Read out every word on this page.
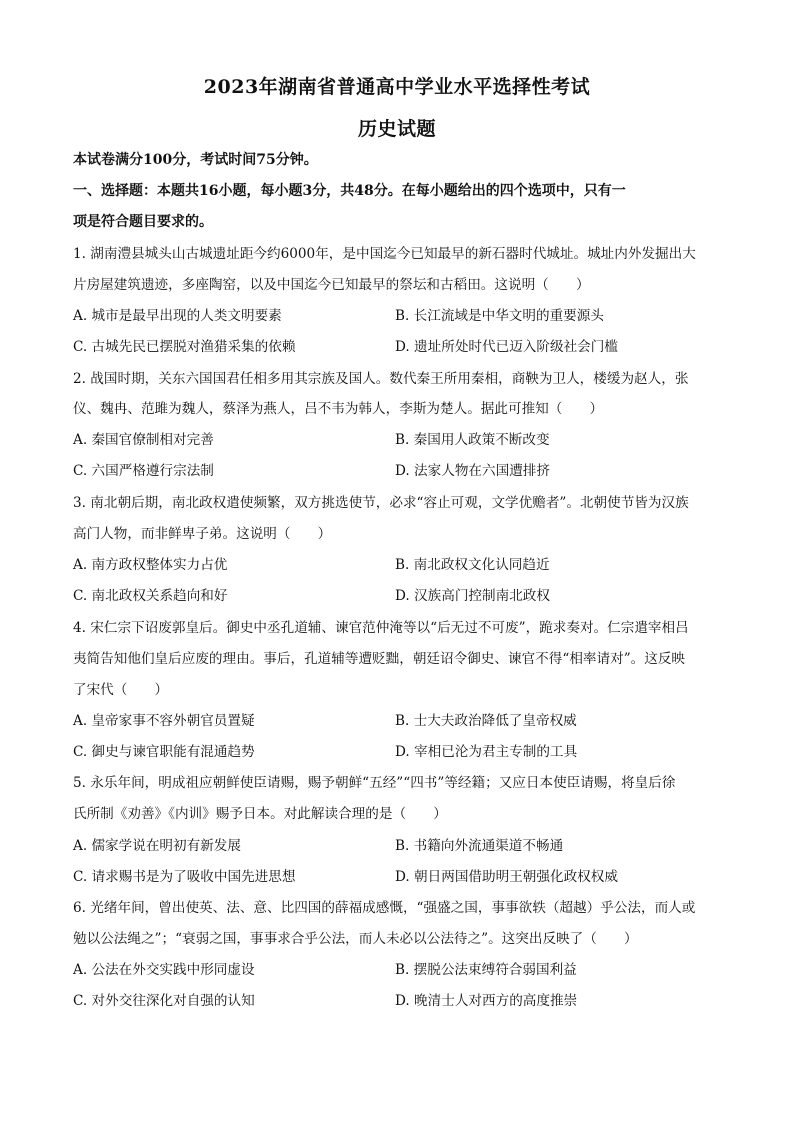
2023年湖南省普通高中学业水平选择性考试
历史试题
本试卷满分100分，考试时间75分钟。
一、选择题：本题共16小题，每小题3分，共48分。在每小题给出的四个选项中，只有一
项是符合题目要求的。
1. 湖南澧县城头山古城遗址距今约6000年，是中国迄今已知最早的新石器时代城址。城址内外发掘出大
片房屋建筑遗迹，多座陶窑，以及中国迄今已知最早的祭坛和古稻田。这说明（　　）
A. 城市是最早出现的人类文明要素	B. 长江流域是中华文明的重要源头
C. 古城先民已摆脱对渔猎采集的依赖	D. 遗址所处时代已迈入阶级社会门槛
2. 战国时期，关东六国国君任相多用其宗族及国人。数代秦王所用秦相，商鞅为卫人，楼缓为赵人，张
仪、魏冉、范雎为魏人，蔡泽为燕人，吕不韦为韩人，李斯为楚人。据此可推知（　　）
A. 秦国官僚制相对完善	B. 秦国用人政策不断改变
C. 六国严格遵行宗法制	D. 法家人物在六国遭排挤
3. 南北朝后期，南北政权遣使频繁，双方挑选使节，必求“容止可观，文学优赡者”。北朝使节皆为汉族
高门人物，而非鲜卑子弟。这说明（　　）
A. 南方政权整体实力占优	B. 南北政权文化认同趋近
C. 南北政权关系趋向和好	D. 汉族高门控制南北政权
4. 宋仁宗下诏废郭皇后。御史中丞孔道辅、谏官范仲淹等以“后无过不可废”，跪求奏对。仁宗遣宰相吕
夷简告知他们皇后应废的理由。事后，孔道辅等遭贬黜，朝廷诏令御史、谏官不得“相率请对”。这反映
了宋代（　　）
A. 皇帝家事不容外朝官员置疑	B. 士大夫政治降低了皇帝权威
C. 御史与谏官职能有混通趋势	D. 宰相已沦为君主专制的工具
5. 永乐年间，明成祖应朝鲜使臣请赐，赐予朝鲜“五经”“四书”等经籍；又应日本使臣请赐，将皇后徐
氏所制《劝善》《内训》赐予日本。对此解读合理的是（　　）
A. 儒家学说在明初有新发展	B. 书籍向外流通渠道不畅通
C. 请求赐书是为了吸收中国先进思想	D. 朝日两国借助明王朝强化政权权威
6. 光绪年间，曾出使英、法、意、比四国的薛福成感慨，“强盛之国，事事欲轶（超越）乎公法，而人或
勉以公法绳之”；“衰弱之国，事事求合乎公法，而人未必以公法待之”。这突出反映了（　　）
A. 公法在外交实践中形同虚设	B. 摆脱公法束缚符合弱国利益
C. 对外交往深化对自强的认知	D. 晚清士人对西方的高度推崇
